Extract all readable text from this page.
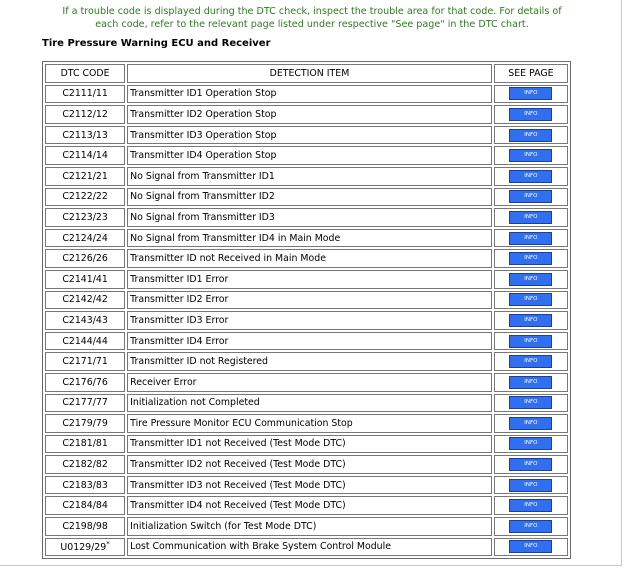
If a trouble code is displayed during the DTC check, inspect the trouble area for that code. For details of each code, refer to the relevant page listed under respective "See page" in the DTC chart.
Tire Pressure Warning ECU and Receiver
DTC CODE	DETECTION ITEM	SEE PAGE
C2111/11	Transmitter ID1 Operation Stop	INFO
C2112/12	Transmitter ID2 Operation Stop	INFO
C2113/13	Transmitter ID3 Operation Stop	INFO
C2114/14	Transmitter ID4 Operation Stop	INFO
C2121/21	No Signal from Transmitter ID1	INFO
C2122/22	No Signal from Transmitter ID2	INFO
C2123/23	No Signal from Transmitter ID3	INFO
C2124/24	No Signal from Transmitter ID4 in Main Mode	INFO
C2126/26	Transmitter ID not Received in Main Mode	INFO
C2141/41	Transmitter ID1 Error	INFO
C2142/42	Transmitter ID2 Error	INFO
C2143/43	Transmitter ID3 Error	INFO
C2144/44	Transmitter ID4 Error	INFO
C2171/71	Transmitter ID not Registered	INFO
C2176/76	Receiver Error	INFO
C2177/77	Initialization not Completed	INFO
C2179/79	Tire Pressure Monitor ECU Communication Stop	INFO
C2181/81	Transmitter ID1 not Received (Test Mode DTC)	INFO
C2182/82	Transmitter ID2 not Received (Test Mode DTC)	INFO
C2183/83	Transmitter ID3 not Received (Test Mode DTC)	INFO
C2184/84	Transmitter ID4 not Received (Test Mode DTC)	INFO
C2198/98	Initialization Switch (for Test Mode DTC)	INFO
U0129/29*	Lost Communication with Brake System Control Module	INFO
